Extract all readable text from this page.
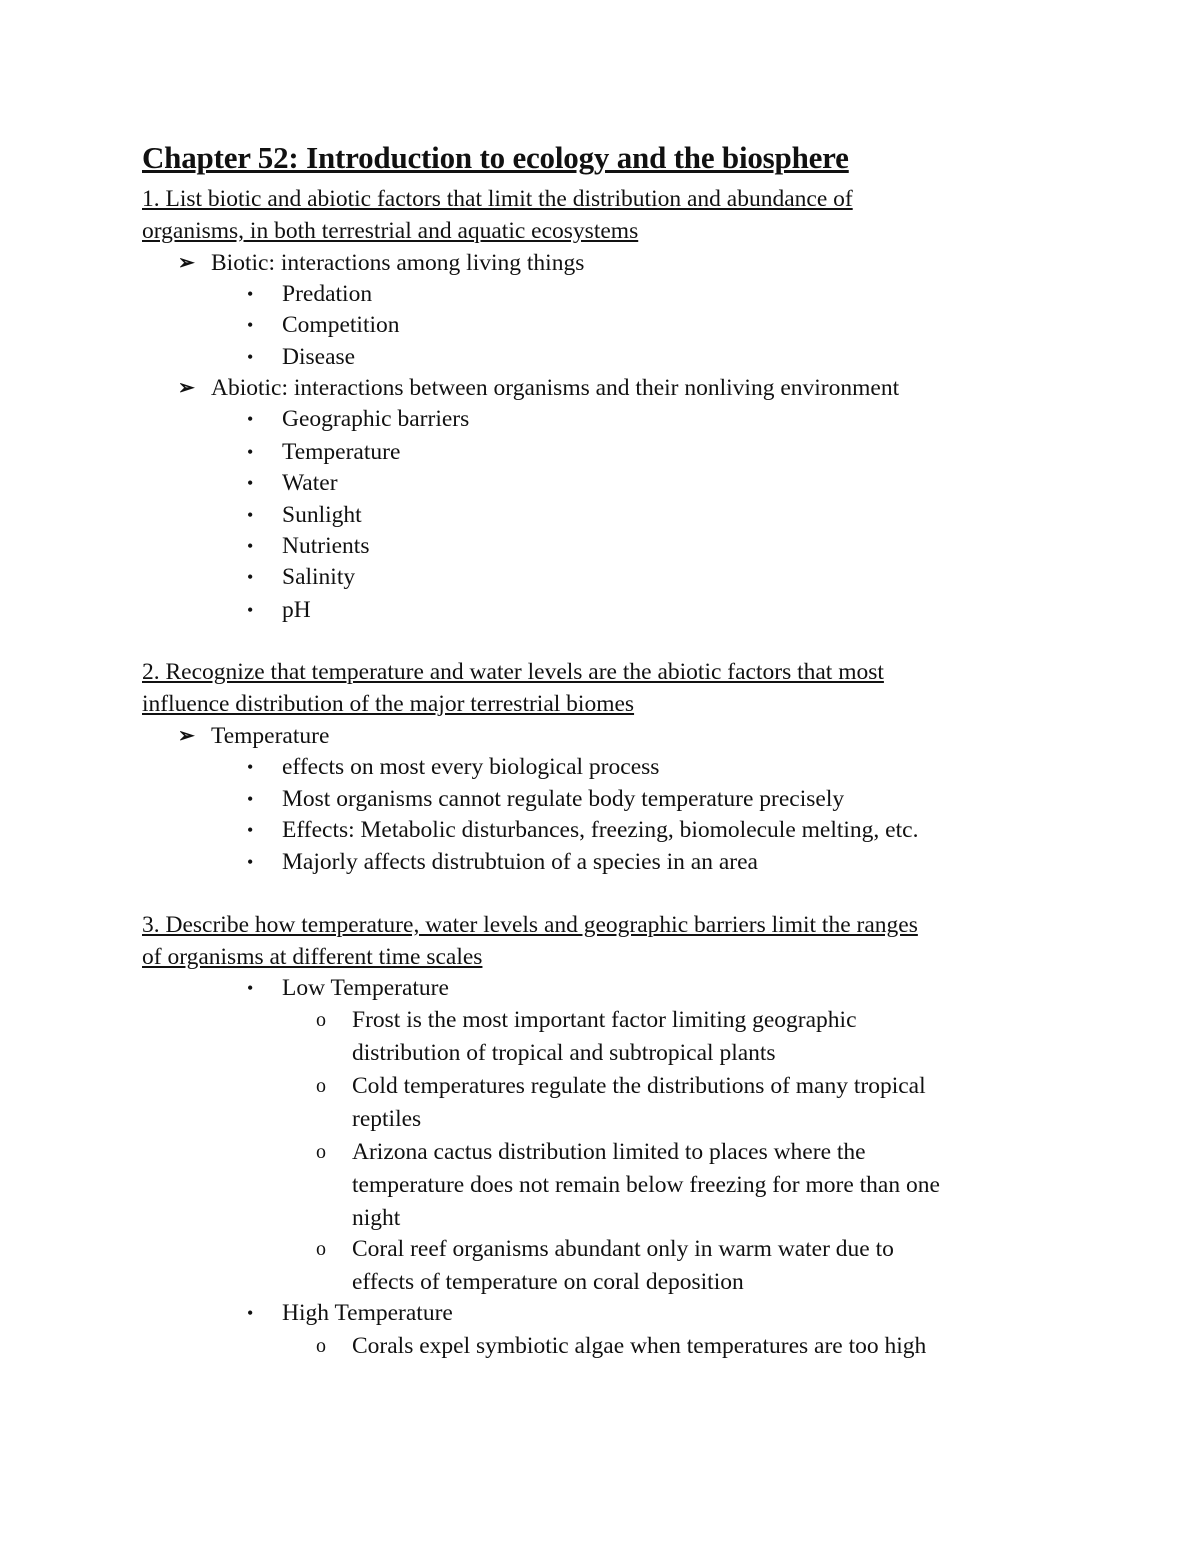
Chapter 52: Introduction to ecology and the biosphere
1. List biotic and abiotic factors that limit the distribution and abundance of
organisms, in both terrestrial and aquatic ecosystems
➢ Biotic: interactions among living things
• Predation
• Competition
• Disease
➢ Abiotic: interactions between organisms and their nonliving environment
• Geographic barriers
• Temperature
• Water
• Sunlight
• Nutrients
• Salinity
• pH
2. Recognize that temperature and water levels are the abiotic factors that most
influence distribution of the major terrestrial biomes
➢ Temperature
• effects on most every biological process
• Most organisms cannot regulate body temperature precisely
• Effects: Metabolic disturbances, freezing, biomolecule melting, etc.
• Majorly affects distrubtuion of a species in an area
3. Describe how temperature, water levels and geographic barriers limit the ranges
of organisms at different time scales
• Low Temperature
o Frost is the most important factor limiting geographic
distribution of tropical and subtropical plants
o Cold temperatures regulate the distributions of many tropical
reptiles
o Arizona cactus distribution limited to places where the
temperature does not remain below freezing for more than one
night
o Coral reef organisms abundant only in warm water due to
effects of temperature on coral deposition
• High Temperature
o Corals expel symbiotic algae when temperatures are too high
